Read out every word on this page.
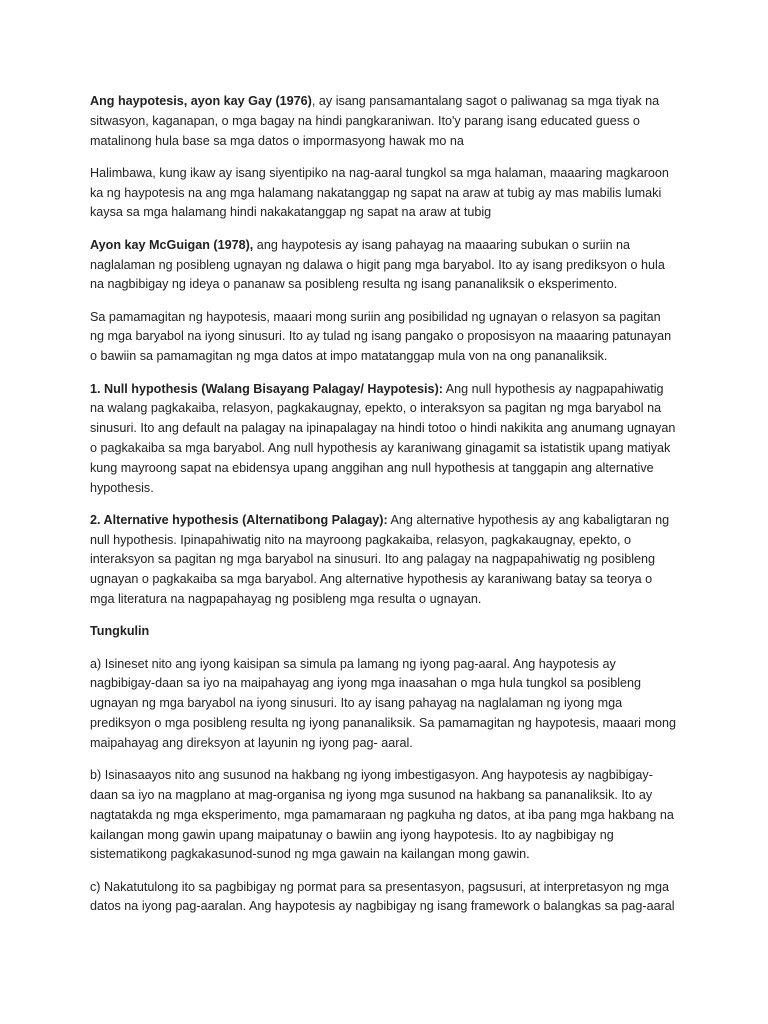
Ang haypotesis, ayon kay Gay (1976), ay isang pansamantalang sagot o paliwanag sa mga tiyak na sitwasyon, kaganapan, o mga bagay na hindi pangkaraniwan. Ito'y parang isang educated guess o matalinong hula base sa mga datos o impormasyong hawak mo na

Halimbawa, kung ikaw ay isang siyentipiko na nag-aaral tungkol sa mga halaman, maaaring magkaroon ka ng haypotesis na ang mga halamang nakatanggap ng sapat na araw at tubig ay mas mabilis lumaki kaysa sa mga halamang hindi nakakatanggap ng sapat na araw at tubig

Ayon kay McGuigan (1978), ang haypotesis ay isang pahayag na maaaring subukan o suriin na naglalaman ng posibleng ugnayan ng dalawa o higit pang mga baryabol. Ito ay isang prediksyon o hula na nagbibigay ng ideya o pananaw sa posibleng resulta ng isang pananaliksik o eksperimento.

Sa pamamagitan ng haypotesis, maaari mong suriin ang posibilidad ng ugnayan o relasyon sa pagitan ng mga baryabol na iyong sinusuri. Ito ay tulad ng isang pangako o proposisyon na maaaring patunayan o bawiin sa pamamagitan ng mga datos at impo matatanggap mula von na ong pananaliksik.

1. Null hypothesis (Walang Bisayang Palagay/ Haypotesis): Ang null hypothesis ay nagpapahiwatig na walang pagkakaiba, relasyon, pagkakaugnay, epekto, o interaksyon sa pagitan ng mga baryabol na sinusuri. Ito ang default na palagay na ipinapalagay na hindi totoo o hindi nakikita ang anumang ugnayan o pagkakaiba sa mga baryabol. Ang null hypothesis ay karaniwang ginagamit sa istatistik upang matiyak kung mayroong sapat na ebidensya upang anggihan ang null hypothesis at tanggapin ang alternative hypothesis.

2. Alternative hypothesis (Alternatibong Palagay): Ang alternative hypothesis ay ang kabaligtaran ng null hypothesis. Ipinapahiwatig nito na mayroong pagkakaiba, relasyon, pagkakaugnay, epekto, o interaksyon sa pagitan ng mga baryabol na sinusuri. Ito ang palagay na nagpapahiwatig ng posibleng ugnayan o pagkakaiba sa mga baryabol. Ang alternative hypothesis ay karaniwang batay sa teorya o mga literatura na nagpapahayag ng posibleng mga resulta o ugnayan.

Tungkulin

a) Isineset nito ang iyong kaisipan sa simula pa lamang ng iyong pag-aaral. Ang haypotesis ay nagbibigay-daan sa iyo na maipahayag ang iyong mga inaasahan o mga hula tungkol sa posibleng ugnayan ng mga baryabol na iyong sinusuri. Ito ay isang pahayag na naglalaman ng iyong mga prediksyon o mga posibleng resulta ng iyong pananaliksik. Sa pamamagitan ng haypotesis, maaari mong maipahayag ang direksyon at layunin ng iyong pag- aaral.

b) Isinasaayos nito ang susunod na hakbang ng iyong imbestigasyon. Ang haypotesis ay nagbibigay-daan sa iyo na magplano at mag-organisa ng iyong mga susunod na hakbang sa pananaliksik. Ito ay nagtatakda ng mga eksperimento, mga pamamaraan ng pagkuha ng datos, at iba pang mga hakbang na kailangan mong gawin upang maipatunay o bawiin ang iyong haypotesis. Ito ay nagbibigay ng sistematikong pagkakasunod-sunod ng mga gawain na kailangan mong gawin.

c) Nakatutulong ito sa pagbibigay ng pormat para sa presentasyon, pagsusuri, at interpretasyon ng mga datos na iyong pag-aaralan. Ang haypotesis ay nagbibigay ng isang framework o balangkas sa pag-aaral
